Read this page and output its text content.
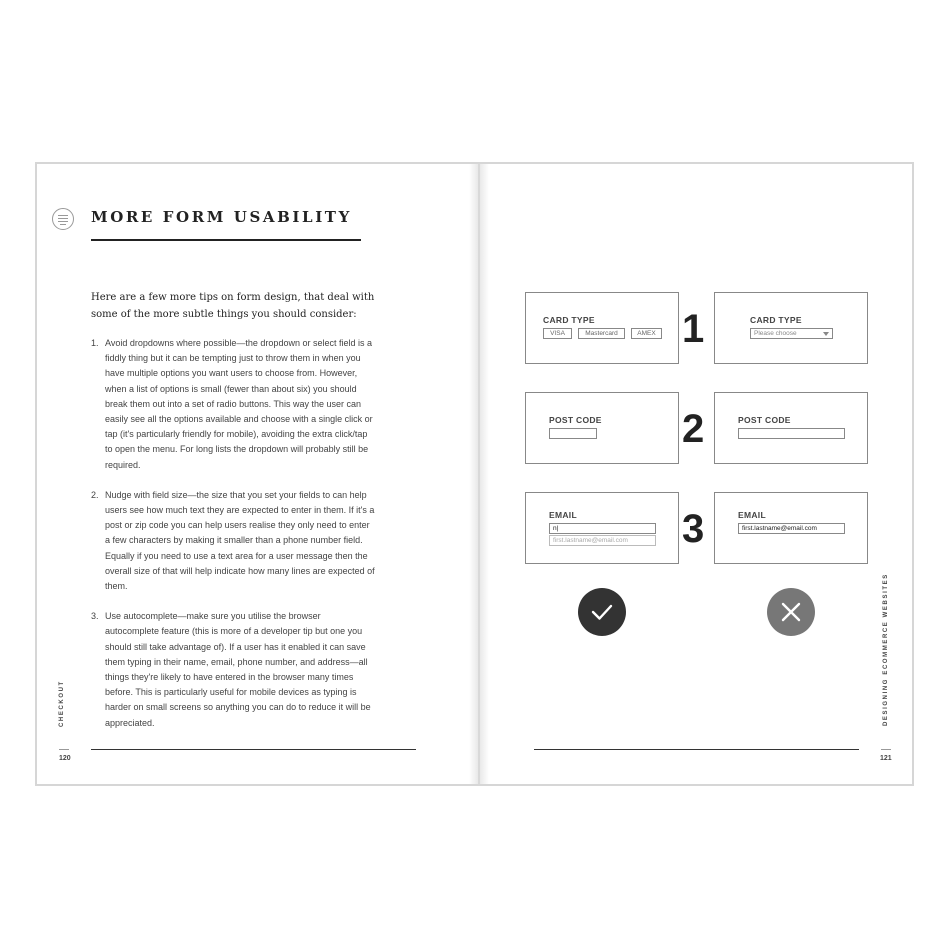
MORE FORM USABILITY
Here are a few more tips on form design, that deal with some of the more subtle things you should consider:
1. Avoid dropdowns where possible—the dropdown or select field is a fiddly thing but it can be tempting just to throw them in when you have multiple options you want users to choose from. However, when a list of options is small (fewer than about six) you should break them out into a set of radio buttons. This way the user can easily see all the options available and choose with a single click or tap (it's particularly friendly for mobile), avoiding the extra click/tap to open the menu. For long lists the dropdown will probably still be required.
2. Nudge with field size—the size that you set your fields to can help users see how much text they are expected to enter in them. If it's a post or zip code you can help users realise they only need to enter a few characters by making it smaller than a phone number field. Equally if you need to use a text area for a user message then the overall size of that will help indicate how many lines are expected of them.
3. Use autocomplete—make sure you utilise the browser autocomplete feature (this is more of a developer tip but one you should still take advantage of). If a user has it enabled it can save them typing in their name, email, phone number, and address—all things they're likely to have entered in the browser many times before. This is particularly useful for mobile devices as typing is harder on small screens so anything you can do to reduce it will be appreciated.
CHECKOUT
120
CARD TYPE
VISA	Mastercard	AMEX 1	CARD TYPE
Please choose
POST CODE 2	POST CODE
EMAIL
n|
first.lastname@email.com	3	EMAIL
first.lastname@email.com
DESIGNING ECOMMERCE WEBSITES
121
